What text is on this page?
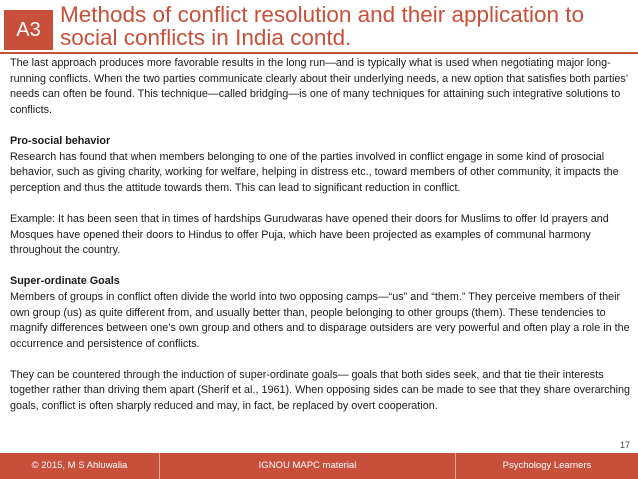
A3
Methods of conflict resolution and their application to
social conflicts in India contd.

The last approach produces more favorable results in the long run—and is typically what is used when negotiating major long-running conflicts. When the two parties communicate clearly about their underlying needs, a new option that satisfies both parties’ needs can often be found. This technique—called bridging—is one of many techniques for attaining such integrative solutions to conflicts.

Pro-social behavior

Research has found that when members belonging to one of the parties involved in conflict engage in some kind of prosocial behavior, such as giving charity, working for welfare, helping in distress etc., toward members of other community, it impacts the perception and thus the attitude towards them. This can lead to significant reduction in conflict.

Example: It has been seen that in times of hardships Gurudwaras have opened their doors for Muslims to offer Id prayers and Mosques have opened their doors to Hindus to offer Puja, which have been projected as examples of communal harmony throughout the country.

Super-ordinate Goals

Members of groups in conflict often divide the world into two opposing camps—“us” and “them.” They perceive members of their own group (us) as quite different from, and usually better than, people belonging to other groups (them). These tendencies to magnify differences between one’s own group and others and to disparage outsiders are very powerful and often play a role in the occurrence and persistence of conflicts.

They can be countered through the induction of super-ordinate goals— goals that both sides seek, and that tie their interests together rather than driving them apart (Sherif et al., 1961). When opposing sides can be made to see that they share overarching goals, conflict is often sharply reduced and may, in fact, be replaced by overt cooperation.

17
© 2015, M S Ahluwalia	IGNOU MAPC material	Psychology Learners
